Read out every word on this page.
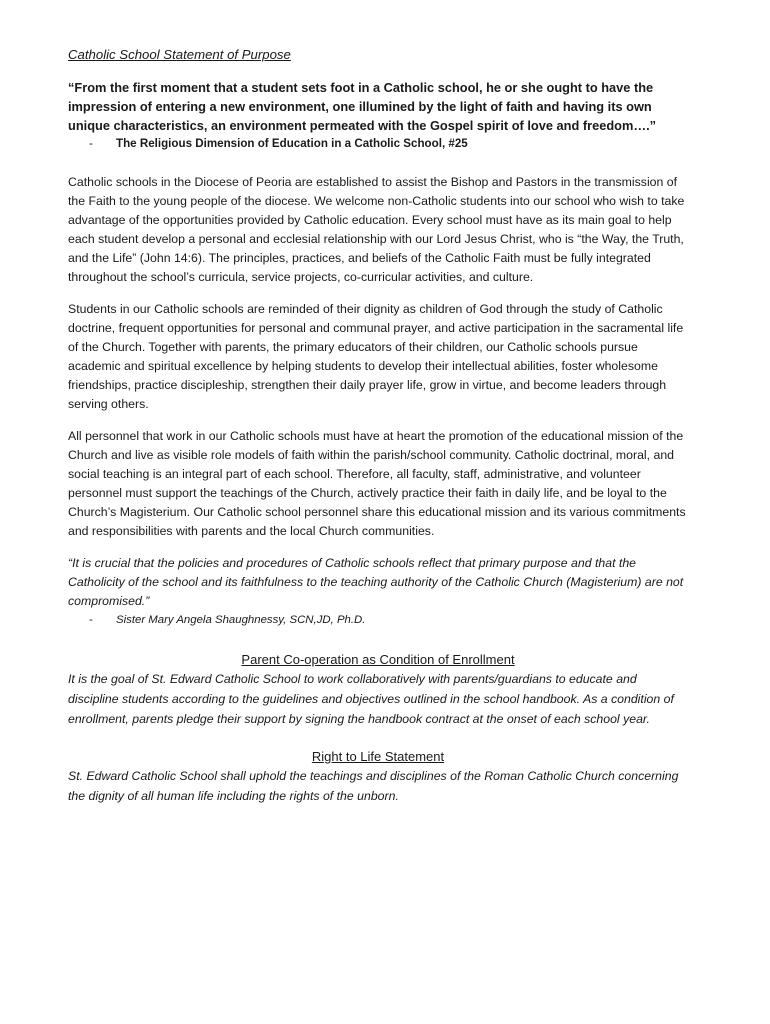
Catholic School Statement of Purpose

“From the first moment that a student sets foot in a Catholic school, he or she ought to have the impression of entering a new environment, one illumined by the light of faith and having its own unique characteristics, an environment permeated with the Gospel spirit of love and freedom….”

-	The Religious Dimension of Education in a Catholic School, #25

Catholic schools in the Diocese of Peoria are established to assist the Bishop and Pastors in the transmission of the Faith to the young people of the diocese. We welcome non-Catholic students into our school who wish to take advantage of the opportunities provided by Catholic education. Every school must have as its main goal to help each student develop a personal and ecclesial relationship with our Lord Jesus Christ, who is “the Way, the Truth, and the Life” (John 14:6). The principles, practices, and beliefs of the Catholic Faith must be fully integrated throughout the school’s curricula, service projects, co-curricular activities, and culture.

Students in our Catholic schools are reminded of their dignity as children of God through the study of Catholic doctrine, frequent opportunities for personal and communal prayer, and active participation in the sacramental life of the Church. Together with parents, the primary educators of their children, our Catholic schools pursue academic and spiritual excellence by helping students to develop their intellectual abilities, foster wholesome friendships, practice discipleship, strengthen their daily prayer life, grow in virtue, and become leaders through serving others.

All personnel that work in our Catholic schools must have at heart the promotion of the educational mission of the Church and live as visible role models of faith within the parish/school community. Catholic doctrinal, moral, and social teaching is an integral part of each school. Therefore, all faculty, staff, administrative, and volunteer personnel must support the teachings of the Church, actively practice their faith in daily life, and be loyal to the Church’s Magisterium. Our Catholic school personnel share this educational mission and its various commitments and responsibilities with parents and the local Church communities.

“It is crucial that the policies and procedures of Catholic schools reflect that primary purpose and that the Catholicity of the school and its faithfulness to the teaching authority of the Catholic Church (Magisterium) are not compromised.”

-	Sister Mary Angela Shaughnessy, SCN,JD, Ph.D.

Parent Co-operation as Condition of Enrollment

It is the goal of St. Edward Catholic School to work collaboratively with parents/guardians to educate and discipline students according to the guidelines and objectives outlined in the school handbook. As a condition of enrollment, parents pledge their support by signing the handbook contract at the onset of each school year.

Right to Life Statement

St. Edward Catholic School shall uphold the teachings and disciplines of the Roman Catholic Church concerning the dignity of all human life including the rights of the unborn.
